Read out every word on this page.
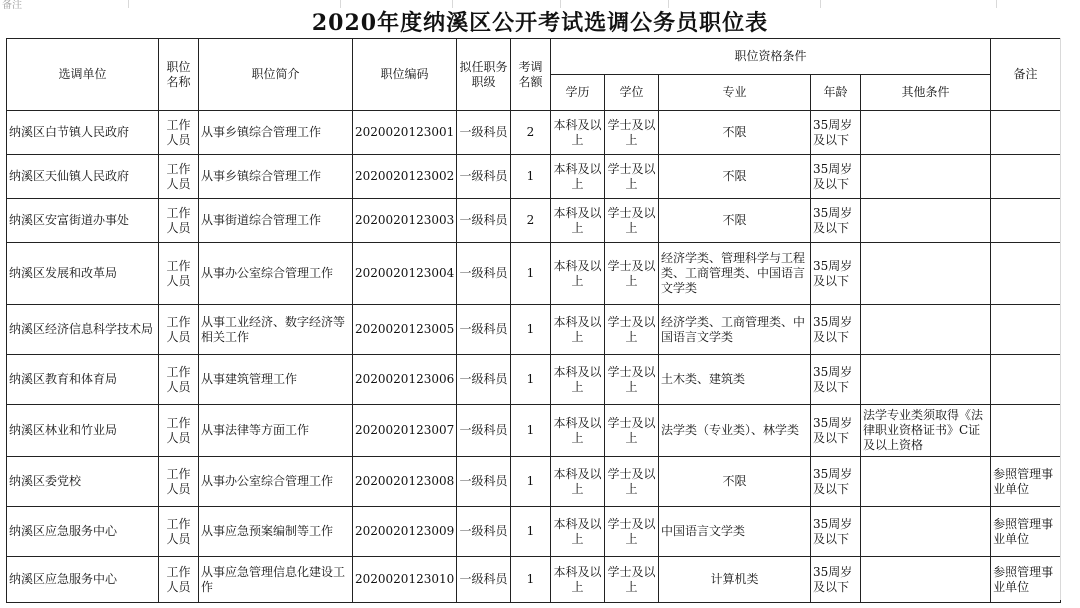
备注
2020年度纳溪区公开考试选调公务员职位表
选调单位	职位名称	职位简介	职位编码	拟任职务职级	考调名额	职位资格条件					备注
						学历	学位	专业	年龄	其他条件	
纳溪区白节镇人民政府	工作人员	从事乡镇综合管理工作	2020020123001	一级科员	2	本科及以上	学士及以上	不限	35周岁及以下		
纳溪区天仙镇人民政府	工作人员	从事乡镇综合管理工作	2020020123002	一级科员	1	本科及以上	学士及以上	不限	35周岁及以下		
纳溪区安富街道办事处	工作人员	从事街道综合管理工作	2020020123003	一级科员	2	本科及以上	学士及以上	不限	35周岁及以下		
纳溪区发展和改革局	工作人员	从事办公室综合管理工作	2020020123004	一级科员	1	本科及以上	学士及以上	经济学类、管理科学与工程类、工商管理类、中国语言文学类	35周岁及以下		
纳溪区经济信息科学技术局	工作人员	从事工业经济、数字经济等相关工作	2020020123005	一级科员	1	本科及以上	学士及以上	经济学类、工商管理类、中国语言文学类	35周岁及以下		
纳溪区教育和体育局	工作人员	从事建筑管理工作	2020020123006	一级科员	1	本科及以上	学士及以上	土木类、建筑类	35周岁及以下		
纳溪区林业和竹业局	工作人员	从事法律等方面工作	2020020123007	一级科员	1	本科及以上	学士及以上	法学类（专业类）、林学类	35周岁及以下	法学专业类须取得《法律职业资格证书》C证及以上资格	
纳溪区委党校	工作人员	从事办公室综合管理工作	2020020123008	一级科员	1	本科及以上	学士及以上	不限	35周岁及以下		参照管理事业单位
纳溪区应急服务中心	工作人员	从事应急预案编制等工作	2020020123009	一级科员	1	本科及以上	学士及以上	中国语言文学类	35周岁及以下		参照管理事业单位
纳溪区应急服务中心	工作人员	从事应急管理信息化建设工作	2020020123010	一级科员	1	本科及以上	学士及以上	计算机类	35周岁及以下		参照管理事业单位
